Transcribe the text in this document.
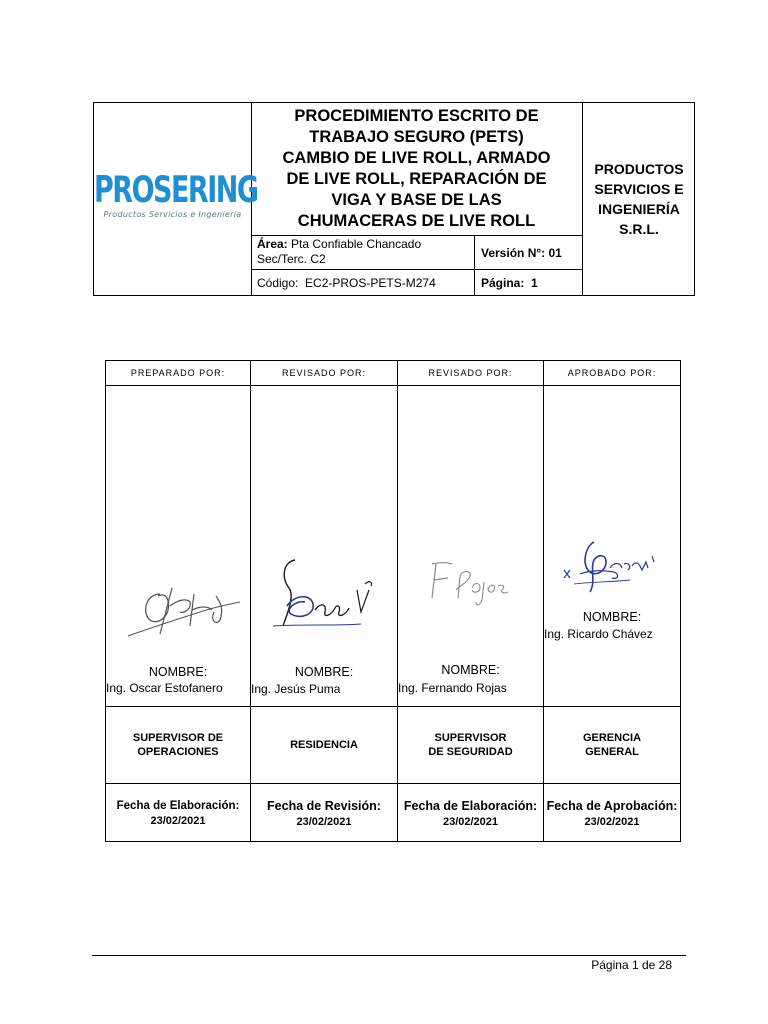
PROSERING
Productos Servicios e Ingeniería
PROCEDIMIENTO ESCRITO DE
TRABAJO SEGURO (PETS)
CAMBIO DE LIVE ROLL, ARMADO
DE LIVE ROLL, REPARACIÓN DE
VIGA Y BASE DE LAS
CHUMACERAS DE LIVE ROLL
Área: Pta Confiable Chancado Sec/Terc. C2	Versión N°:
01
Código:
EC2-PROS-PETS-M274	Página:
1
PRODUCTOS
SERVICIOS E
INGENIERÍA
S.R.L.
PREPARADO POR:
NOMBRE:
Ing. Oscar Estofanero
SUPERVISOR DE
OPERACIONES
Fecha de Elaboración:
23/02/2021
REVISADO POR:
NOMBRE:
Ing. Jesús Puma
RESIDENCIA
Fecha de Revisión:
23/02/2021
REVISADO POR:
NOMBRE:
Ing. Fernando Rojas
SUPERVISOR
DE SEGURIDAD
Fecha de Elaboración:
23/02/2021
APROBADO POR:
NOMBRE:
Ing. Ricardo Chávez
GERENCIA
GENERAL
Fecha de Aprobación:
23/02/2021
Página 1 de 28
